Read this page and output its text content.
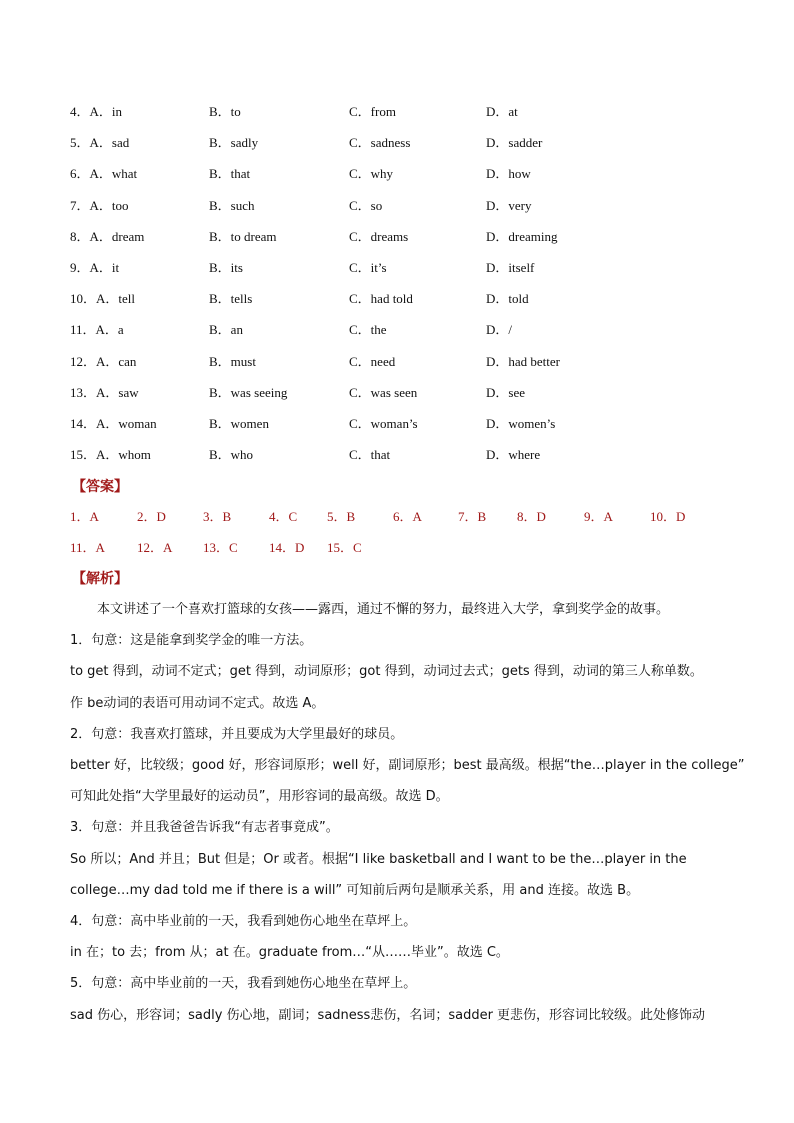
4．A．in	B．to	C．from	D．at
5．A．sad	B．sadly	C．sadness	D．sadder
6．A．what	B．that	C．why	D．how
7．A．too	B．such	C．so	D．very
8．A．dream	B．to dream	C．dreams	D．dreaming
9．A．it	B．its	C．it’s	D．itself
10．A．tell	B．tells	C．had told	D．told
11．A．a	B．an	C．the	D．/
12．A．can	B．must	C．need	D．had better
13．A．saw	B．was seeing	C．was seen	D．see
14．A．woman	B．women	C．woman’s	D．women’s
15．A．whom	B．who	C．that	D．where
【答案】
1．A	2．D	3．B	4．C 5．B	6．A	7．B 8．D	9．A	10．D
11．A 12．A 13．C 14．D 15．C
【解析】
本文讲述了一个喜欢打篮球的女孩——露西，通过不懈的努力，最终进入大学，拿到奖学金的故事。
1．句意：这是能拿到奖学金的唯一方法。
to get 得到，动词不定式；get 得到，动词原形；got 得到，动词过去式；gets 得到，动词的第三人称单数。
作 be动词的表语可用动词不定式。故选 A。
2．句意：我喜欢打篮球，并且要成为大学里最好的球员。
better 好，比较级；good 好，形容词原形；well 好，副词原形；best 最高级。根据“the…player in the college”
可知此处指“大学里最好的运动员”，用形容词的最高级。故选 D。
3．句意：并且我爸爸告诉我“有志者事竟成”。
So 所以；And 并且；But 但是；Or 或者。根据“I like basketball and I want to be the…player in the
college…my dad told me if there is a will” 可知前后两句是顺承关系，用 and 连接。故选 B。
4．句意：高中毕业前的一天，我看到她伤心地坐在草坪上。
in 在；to 去；from 从；at 在。graduate from…“从……毕业”。故选 C。
5．句意：高中毕业前的一天，我看到她伤心地坐在草坪上。
sad 伤心，形容词；sadly 伤心地，副词；sadness悲伤，名词；sadder 更悲伤，形容词比较级。此处修饰动
